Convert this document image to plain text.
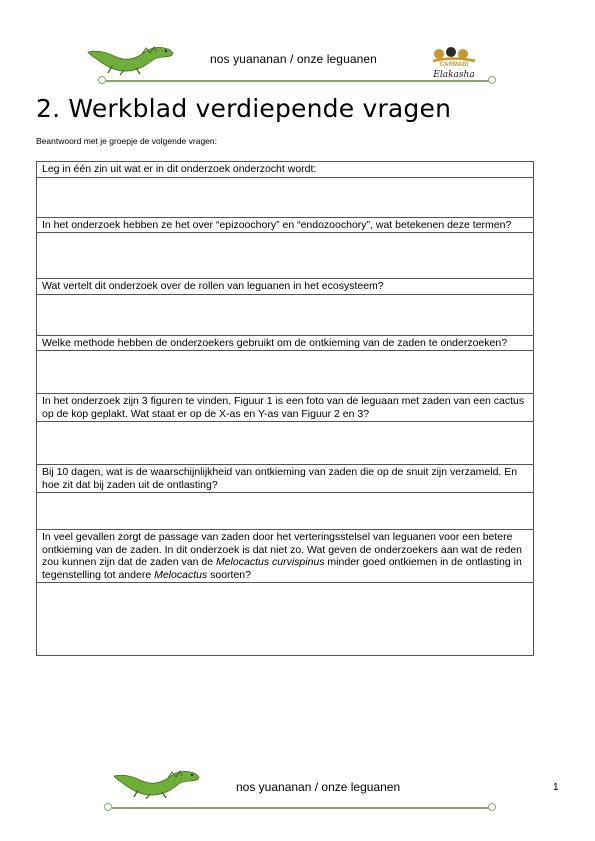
nos yuananan / onze leguanen	CARMABI
Elakasha
2. Werkblad verdiepende vragen
Beantwoord met je groepje de volgende vragen:
Leg in één zin uit wat er in dit onderzoek onderzocht wordt:

In het onderzoek hebben ze het over “epizoochory” en “endozoochory”, wat betekenen deze termen?

Wat vertelt dit onderzoek over de rollen van leguanen in het ecosysteem?

Welke methode hebben de onderzoekers gebruikt om de ontkieming van de zaden te onderzoeken?

In het onderzoek zijn 3 figuren te vinden. Figuur 1 is een foto van de leguaan met zaden van een cactus op de kop geplakt. Wat staat er op de X-as en Y-as van Figuur 2 en 3?

Bij 10 dagen, wat is de waarschijnlijkheid van ontkieming van zaden die op de snuit zijn verzameld. En hoe zit dat bij zaden uit de ontlasting?

In veel gevallen zorgt de passage van zaden door het verteringsstelsel van leguanen voor een betere ontkieming van de zaden. In dit onderzoek is dat niet zo. Wat geven de onderzoekers aan wat de reden zou kunnen zijn dat de zaden van de Melocactus curvispinus minder goed ontkiemen in de ontlasting in tegenstelling tot andere Melocactus soorten?

nos yuananan / onze leguanen	1
